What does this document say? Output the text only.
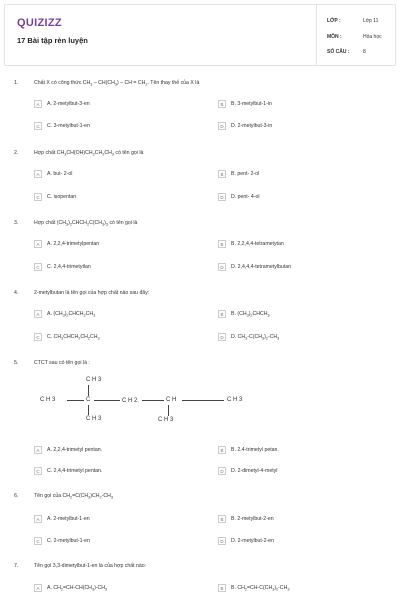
QUIZIZZ
17 Bài tập rèn luyện
LỚP :	Lớp 11
MÔN :	Hóa học
SỐ CÂU :	8
1.	Chất X có công thức $CH_3 - CH(CH_3)$ – CH = $CH_2$. Tên thay thế của X là
A	A. 2-metylbut-3-en	B	B. 3-metylbut-1-in
C	C. 3-metylbut-1-en	D	D. 2-metylbut-3-in
2.	Hợp chất $CH_3CH(OH)CH_2CH_2CH_3$ có tên gọi là
A	A. but- 2-ol	B	B. pent- 2-ol
C	C. isopentan	D	D. pent- 4-ol
3.	Hợp chất $(CH_3)_2CHCH_2C(CH_3)_3$ có tên gọi là
A	A. 2,2,4-trimetylpentan	B	B. 2,2,4,4-tetrametytan
C	C. 2,4,4-trimetytlan	D	D. 2,4,4,4-tetrametylbutan
4.	2-metylbutan là tên gọi của hợp chất nào sau đây:
A	A. $(CH_3)_2CHCH_2CH_3$	B	B. $(CH_3)_2CHCH_3$
C	C. $CH_3CHCH_2CH_2CH_3$	D	D. $CH_3-C(CH_3)_2-CH_3$
5.	CTCT sau có tên gọi là :
C H 3
C H 3	C	C H 2	C H	C H 3
C H 3	C H 3
A	A. 2,2,4-trimetyl pentan.	B	B. 2,4-trimetyl petan.
C	C. 2,4,4-trimetyl pentan.	D	D. 2-dimetyl-4-metyl
6.	Tên gọi của $CH_2=C(CH_3)CH_2-CH_3$
A	A. 2-metylbut-1-en	B	B. 2-metylbut-2-en
C	C. 2-metylbut-1-en	D	D. 2-metylbut-2-en
7.	Tên gọi 3,3-dimetylbut-1-en là của hợp chất nào:
A	A. $CH_2=CH-CH(CH_3)-CH_3$	B	B. $CH_2=CH-C(CH_3)_2-CH_3$
